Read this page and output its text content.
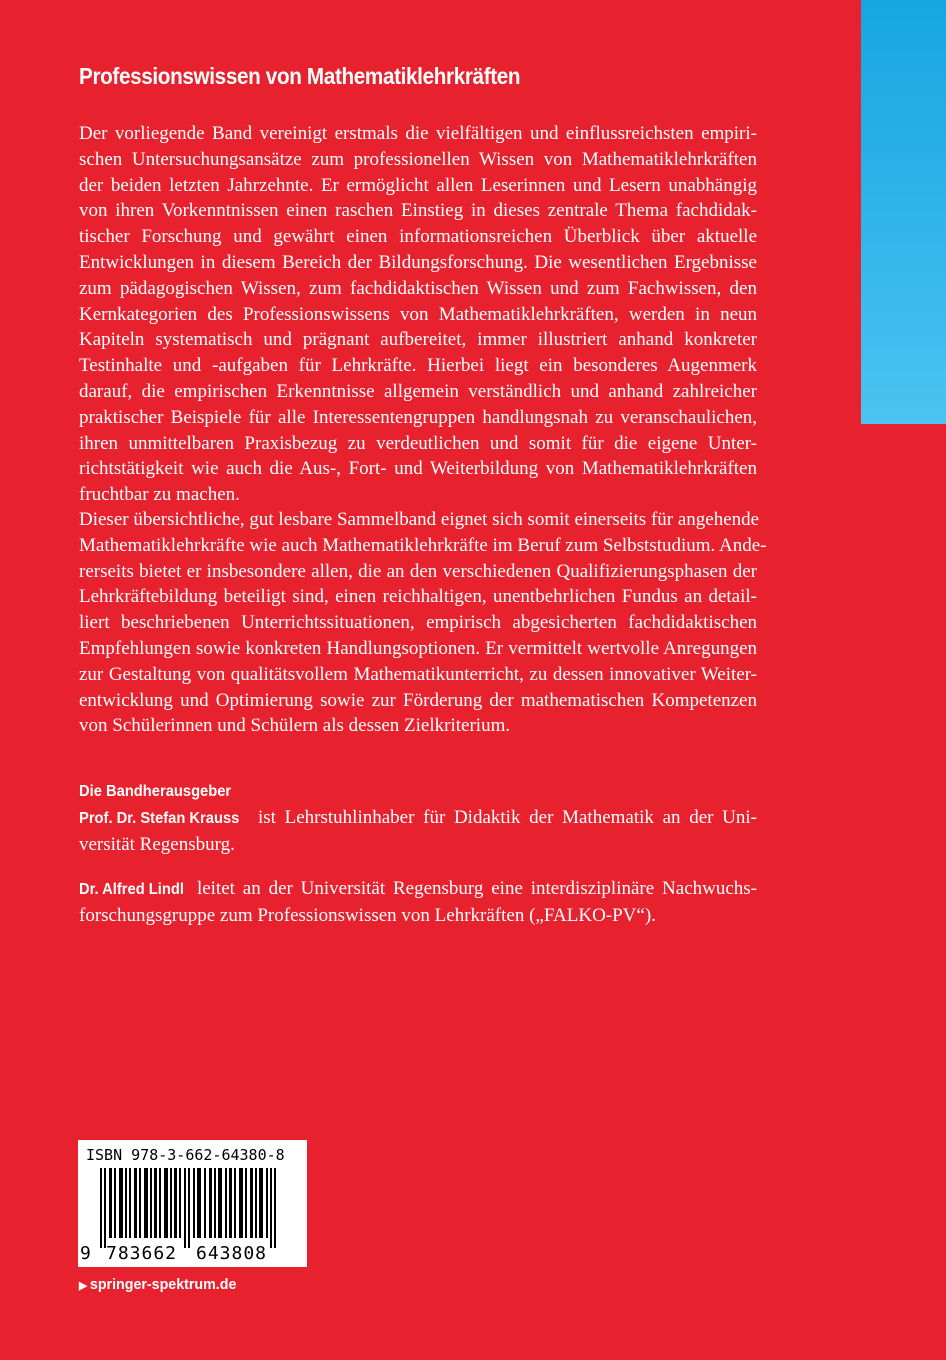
Professionswissen von Mathematiklehrkräften
Der vorliegende Band vereinigt erstmals die vielfältigen und einflussreichsten empiri-
schen Untersuchungsansätze zum professionellen Wissen von Mathematiklehrkräften
der beiden letzten Jahrzehnte. Er ermöglicht allen Leserinnen und Lesern unabhängig
von ihren Vorkenntnissen einen raschen Einstieg in dieses zentrale Thema fachdidak-
tischer Forschung und gewährt einen informationsreichen Überblick über aktuelle
Entwicklungen in diesem Bereich der Bildungsforschung. Die wesentlichen Ergebnisse
zum pädagogischen Wissen, zum fachdidaktischen Wissen und zum Fachwissen, den
Kernkategorien des Professionswissens von Mathematiklehrkräften, werden in neun
Kapiteln systematisch und prägnant aufbereitet, immer illustriert anhand konkreter
Testinhalte und -aufgaben für Lehrkräfte. Hierbei liegt ein besonderes Augenmerk
darauf, die empirischen Erkenntnisse allgemein verständlich und anhand zahlreicher
praktischer Beispiele für alle Interessentengruppen handlungsnah zu veranschaulichen,
ihren unmittelbaren Praxisbezug zu verdeutlichen und somit für die eigene Unter-
richtstätigkeit wie auch die Aus-, Fort- und Weiterbildung von Mathematiklehrkräften
fruchtbar zu machen.
Dieser übersichtliche, gut lesbare Sammelband eignet sich somit einerseits für angehende
Mathematiklehrkräfte wie auch Mathematiklehrkräfte im Beruf zum Selbststudium. Ande-
rerseits bietet er insbesondere allen, die an den verschiedenen Qualifizierungsphasen der
Lehrkräftebildung beteiligt sind, einen reichhaltigen, unentbehrlichen Fundus an detail-
liert beschriebenen Unterrichtssituationen, empirisch abgesicherten fachdidaktischen
Empfehlungen sowie konkreten Handlungsoptionen. Er vermittelt wertvolle Anregungen
zur Gestaltung von qualitätsvollem Mathematikunterricht, zu dessen innovativer Weiter-
entwicklung und Optimierung sowie zur Förderung der mathematischen Kompetenzen
von Schülerinnen und Schülern als dessen Zielkriterium.
Die Bandherausgeber
Prof. Dr. Stefan Krauss ist Lehrstuhlinhaber für Didaktik der Mathematik an der Uni-
versität Regensburg.
Dr. Alfred Lindl leitet an der Universität Regensburg eine interdisziplinäre Nachwuchs-
forschungsgruppe zum Professionswissen von Lehrkräften („FALKO-PV“).
ISBN 978-3-662-64380-8
9 783662 643808
▶ springer-spektrum.de
